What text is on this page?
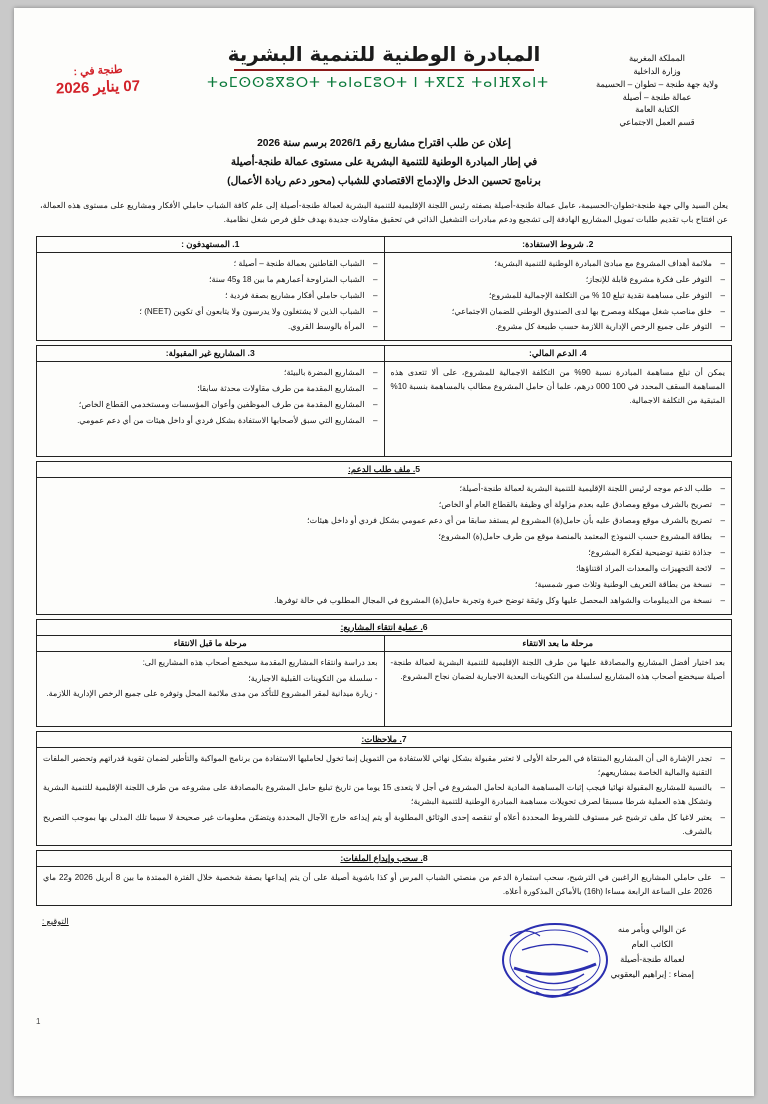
المملكة المغربية
وزارة الداخلية
ولاية جهة طنجة – تطوان – الحسيمة
عمالة طنجة – أصيلة
الكتابة العامة
قسم العمل الاجتماعي
طنجة في :
07 يناير 2026
المبادرة الوطنية للتنمية البشرية
ⵜⴰⵎⵙⵙⵓⴳⵓⵔⵜ ⵜⴰⵏⴰⵎⵓⵔⵜ ⵏ ⵜⴳⵎⵉ ⵜⴰⵏⴼⴳⴰⵏⵜ
إعلان عن طلب اقتراح مشاريع رقم 2026/1 برسم سنة 2026
في إطار المبادرة الوطنية للتنمية البشرية على مستوى عمالة طنجة-أصيلة
برنامج تحسين الدخل والإدماج الاقتصادي للشباب (محور دعم ريادة الأعمال)
يعلن السيد والي جهة طنجة-تطوان-الحسيمة، عامل عمالة طنجة-أصيلة بصفته رئيس اللجنة الإقليمية للتنمية البشرية لعمالة طنجة-أصيلة إلى علم كافة الشباب حاملي الأفكار ومشاريع على مستوى هذه العمالة، عن افتتاح باب تقديم طلبات تمويل المشاريع الهادفة إلى تشجيع ودعم مبادرات التشغيل الذاتي في تحقيق مقاولات جديدة بهدف خلق فرص شغل نظامية.
2. شروط الاستفادة:	1. المستهدفون :

– ملائمة أهداف المشروع مع مبادئ المبادرة الوطنية للتنمية البشرية؛
– التوفر على فكرة مشروع قابلة للإنجاز؛
– التوفر على مساهمة نقدية تبلغ 10 % من التكلفة الإجمالية للمشروع؛
– خلق مناصب شغل مهيكلة ومصرح بها لدى الصندوق الوطني للضمان الاجتماعي؛
– التوفر على جميع الرخص الإدارية اللازمة حسب طبيعة كل مشروع.

– الشباب القاطنين بعمالة طنجة – أصيلة ؛
– الشباب المتراوحة أعمارهم ما بين 18 و45 سنة؛
– الشباب حاملي أفكار مشاريع بصفة فردية ؛
– الشباب الذين لا يشتغلون ولا يدرسون ولا يتابعون أي تكوين (NEET) ؛
– المرأة بالوسط القروي.
4. الدعم المالي:	3. المشاريع غير المقبولة:

يمكن أن تبلغ مساهمة المبادرة نسبة 90% من التكلفة الاجمالية للمشروع، على ألا تتعدى هذه المساهمة السقف المحدد في 100 000 درهم، علما أن حامل المشروع مطالب بالمساهمة بنسبة 10% المتبقية من التكلفة الاجمالية.

– المشاريع المضرة بالبيئة؛
– المشاريع المقدمة من طرف مقاولات محدثة سابقا؛
– المشاريع المقدمة من طرف الموظفين وأعوان المؤسسات ومستخدمي القطاع الخاص؛
– المشاريع التي سبق لأصحابها الاستفادة بشكل فردي أو داخل هيئات من أي دعم عمومي.
5. ملف طلب الدعم:

– طلب الدعم موجه لرئيس اللجنة الإقليمية للتنمية البشرية لعمالة طنجة-أصيلة؛
– تصريح بالشرف موقع ومصادق عليه بعدم مزاولة أي وظيفة بالقطاع العام أو الخاص؛
– تصريح بالشرف موقع ومصادق عليه بأن حامل(ة) المشروع لم يستفد سابقا من أي دعم عمومي بشكل فردي أو داخل هيئات؛
– بطاقة المشروع حسب النموذج المعتمد بالمنصة موقع من طرف حامل(ة) المشروع؛
– جذاذة تقنية توضيحية لفكرة المشروع؛
– لائحة التجهيزات والمعدات المراد اقتناؤها؛
– نسخة من بطاقة التعريف الوطنية وثلاث صور شمسية؛
– نسخة من الديبلومات والشواهد المحصل عليها وكل وثيقة توضح خبرة وتجربة حامل(ة) المشروع في المجال المطلوب في حالة توفرها.
6. عملية انتقاء المشاريع:	
مرحلة ما بعد الانتقاء	مرحلة ما قبل الانتقاء

بعد اختيار أفضل المشاريع والمصادقة عليها من طرف اللجنة الإقليمية للتنمية البشرية لعمالة طنجة-أصيلة سيخضع أصحاب هذه المشاريع لسلسلة من التكوينات البعدية الاجبارية لضمان نجاح المشروع.

بعد دراسة وانتقاء المشاريع المقدمة سيخضع أصحاب هذه المشاريع الى:
- سلسلة من التكوينات القبلية الاجبارية؛
- زيارة ميدانية لمقر المشروع للتأكد من مدى ملائمة المحل وتوفره على جميع الرخص الإدارية اللازمة.
7. ملاحظات:

– تجدر الإشارة الى أن المشاريع المنتقاة في المرحلة الأولى لا تعتبر مقبولة بشكل نهائي للاستفادة من التمويل إنما تخول لحامليها الاستفادة من برنامج المواكبة والتأطير لضمان تقوية قدراتهم وتحضير الملفات التقنية والمالية الخاصة بمشاريعهم؛
– بالنسبة للمشاريع المقبولة نهائيا فيجب إثبات المساهمة المادية لحامل المشروع في أجل لا يتعدى 15 يوما من تاريخ تبليغ حامل المشروع بالمصادقة على مشروعه من طرف اللجنة الإقليمية للتنمية البشرية وتشكل هذه العملية شرطا مسبقا لصرف تحويلات مساهمة المبادرة الوطنية للتنمية البشرية؛
– يعتبر لاغيا كل ملف ترشيح غير مستوف للشروط المحددة أعلاه أو تنقصه إحدى الوثائق المطلوبة أو يتم إيداعه خارج الآجال المحددة ويتضمّن معلومات غير صحيحة لا سيما تلك المدلى بها بموجب التصريح بالشرف.
8. سحب وإيداع الملفات:

– على حاملي المشاريع الراغبين في الترشيح، سحب استمارة الدعم من منصتي الشباب المرس أو كذا باشوية أصيلة على أن يتم إيداعها بصفة شخصية خلال الفترة الممتدة ما بين 8 أبريل 2026 و22 ماي 2026 على الساعة الرابعة مساءا (16h) بالأماكن المذكورة أعلاه.
عن الوالي وبأمر منه
الكاتب العام
لعمالة طنجة-أصيلة
إمضاء : إبراهيم اليعقوبي
التوقيع :
1
